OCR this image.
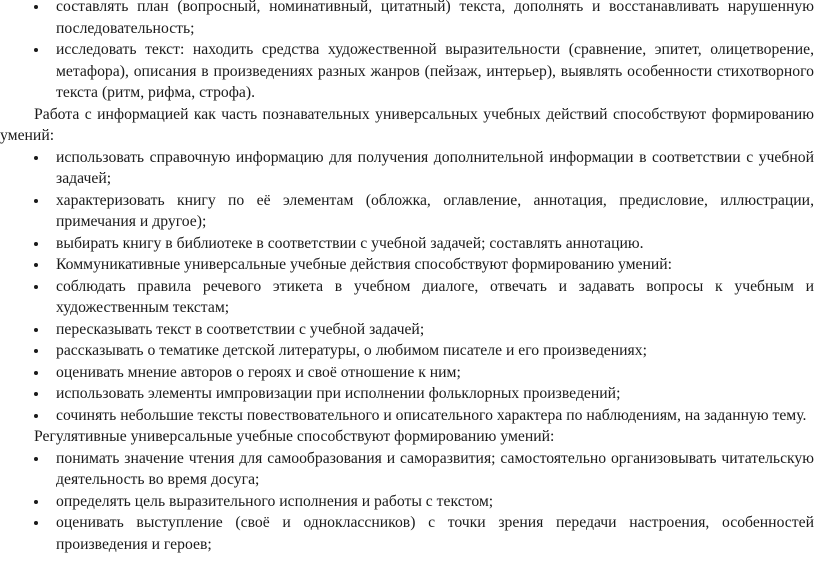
составлять план (вопросный, номинативный, цитатный) текста, дополнять и восстанавливать нарушенную последовательность;
исследовать текст: находить средства художественной выразительности (сравнение, эпитет, олицетворение, метафора), описания в произведениях разных жанров (пейзаж, интерьер), выявлять особенности стихотворного текста (ритм, рифма, строфа).
Работа с информацией как часть познавательных универсальных учебных действий способствуют формированию умений:
использовать справочную информацию для получения дополнительной информации в соответствии с учебной задачей;
характеризовать книгу по её элементам (обложка, оглавление, аннотация, предисловие, иллюстрации, примечания и другое);
выбирать книгу в библиотеке в соответствии с учебной задачей; составлять аннотацию.
Коммуникативные универсальные учебные действия способствуют формированию умений:
соблюдать правила речевого этикета в учебном диалоге, отвечать и задавать вопросы к учебным и художественным текстам;
пересказывать текст в соответствии с учебной задачей;
рассказывать о тематике детской литературы, о любимом писателе и его произведениях;
оценивать мнение авторов о героях и своё отношение к ним;
использовать элементы импровизации при исполнении фольклорных произведений;
сочинять небольшие тексты повествовательного и описательного характера по наблюдениям, на заданную тему.
Регулятивные универсальные учебные способствуют формированию умений:
понимать значение чтения для самообразования и саморазвития; самостоятельно организовывать читательскую деятельность во время досуга;
определять цель выразительного исполнения и работы с текстом;
оценивать выступление (своё и одноклассников) с точки зрения передачи настроения, особенностей произведения и героев;
